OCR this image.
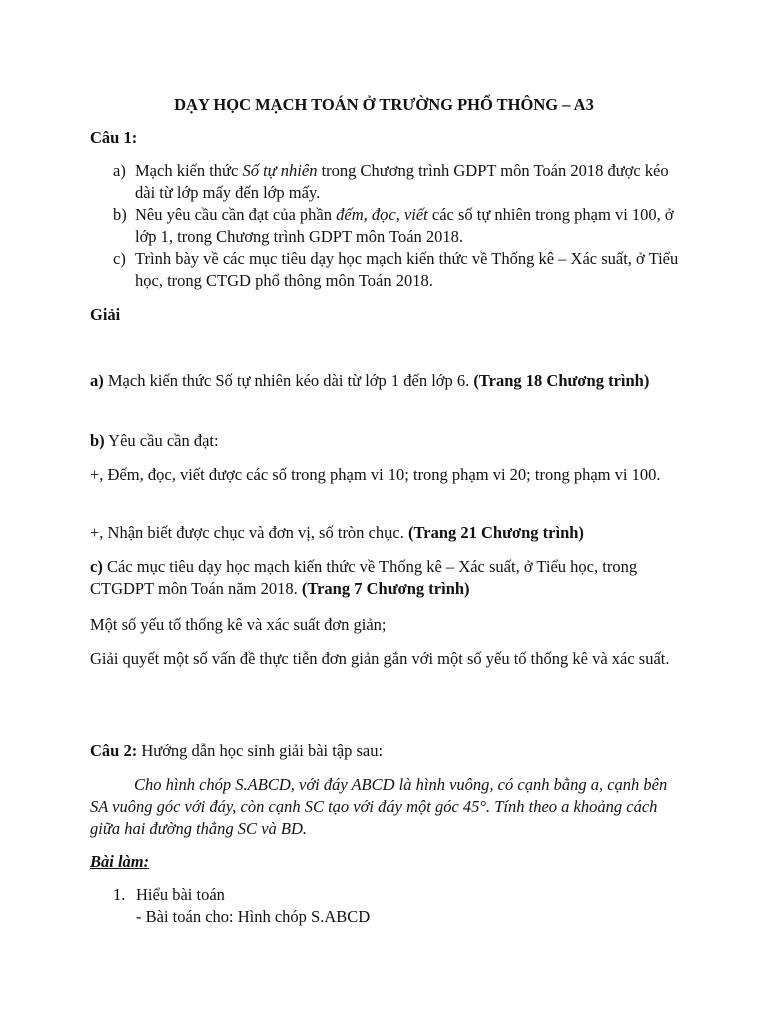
DẠY HỌC MẠCH TOÁN Ở TRƯỜNG PHỔ THÔNG – A3
Câu 1:
a) Mạch kiến thức Số tự nhiên trong Chương trình GDPT môn Toán 2018 được kéo dài từ lớp mấy đến lớp mấy.
b) Nêu yêu cầu cần đạt của phần đếm, đọc, viết các số tự nhiên trong phạm vi 100, ở lớp 1, trong Chương trình GDPT môn Toán 2018.
c) Trình bày về các mục tiêu dạy học mạch kiến thức về Thống kê – Xác suất, ở Tiểu học, trong CTGD phổ thông môn Toán 2018.
Giải
a) Mạch kiến thức Số tự nhiên kéo dài từ lớp 1 đến lớp 6. (Trang 18 Chương trình)
b) Yêu cầu cần đạt:
+, Đếm, đọc, viết được các số trong phạm vi 10; trong phạm vi 20; trong phạm vi 100.
+, Nhận biết được chục và đơn vị, số tròn chục. (Trang 21 Chương trình)
c) Các mục tiêu dạy học mạch kiến thức về Thống kê – Xác suất, ở Tiểu học, trong CTGDPT môn Toán năm 2018. (Trang 7 Chương trình)
Một số yếu tố thống kê và xác suất đơn giản;
Giải quyết một số vấn đề thực tiễn đơn giản gắn với một số yếu tố thống kê và xác suất.
Câu 2: Hướng dẫn học sinh giải bài tập sau:
Cho hình chóp S.ABCD, với đáy ABCD là hình vuông, có cạnh bằng a, cạnh bên SA vuông góc với đáy, còn cạnh SC tạo với đáy một góc 45°. Tính theo a khoảng cách giữa hai đường thẳng SC và BD.
Bài làm:
1. Hiểu bài toán
- Bài toán cho: Hình chóp S.ABCD
